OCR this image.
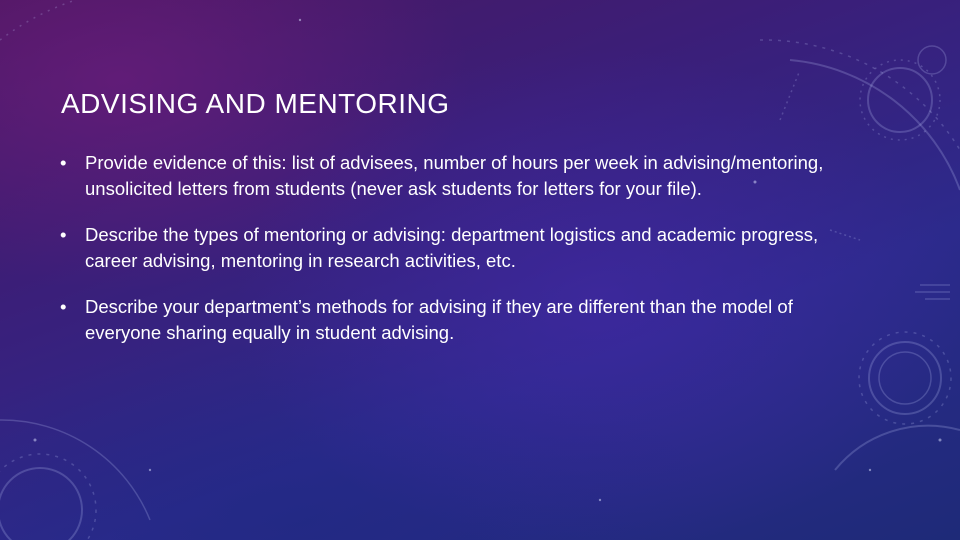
ADVISING AND MENTORING
• Provide evidence of this: list of advisees, number of hours per week in advising/mentoring, unsolicited letters from students (never ask students for letters for your file).
• Describe the types of mentoring or advising: department logistics and academic progress, career advising, mentoring in research activities, etc.
• Describe your department’s methods for advising if they are different than the model of everyone sharing equally in student advising.
